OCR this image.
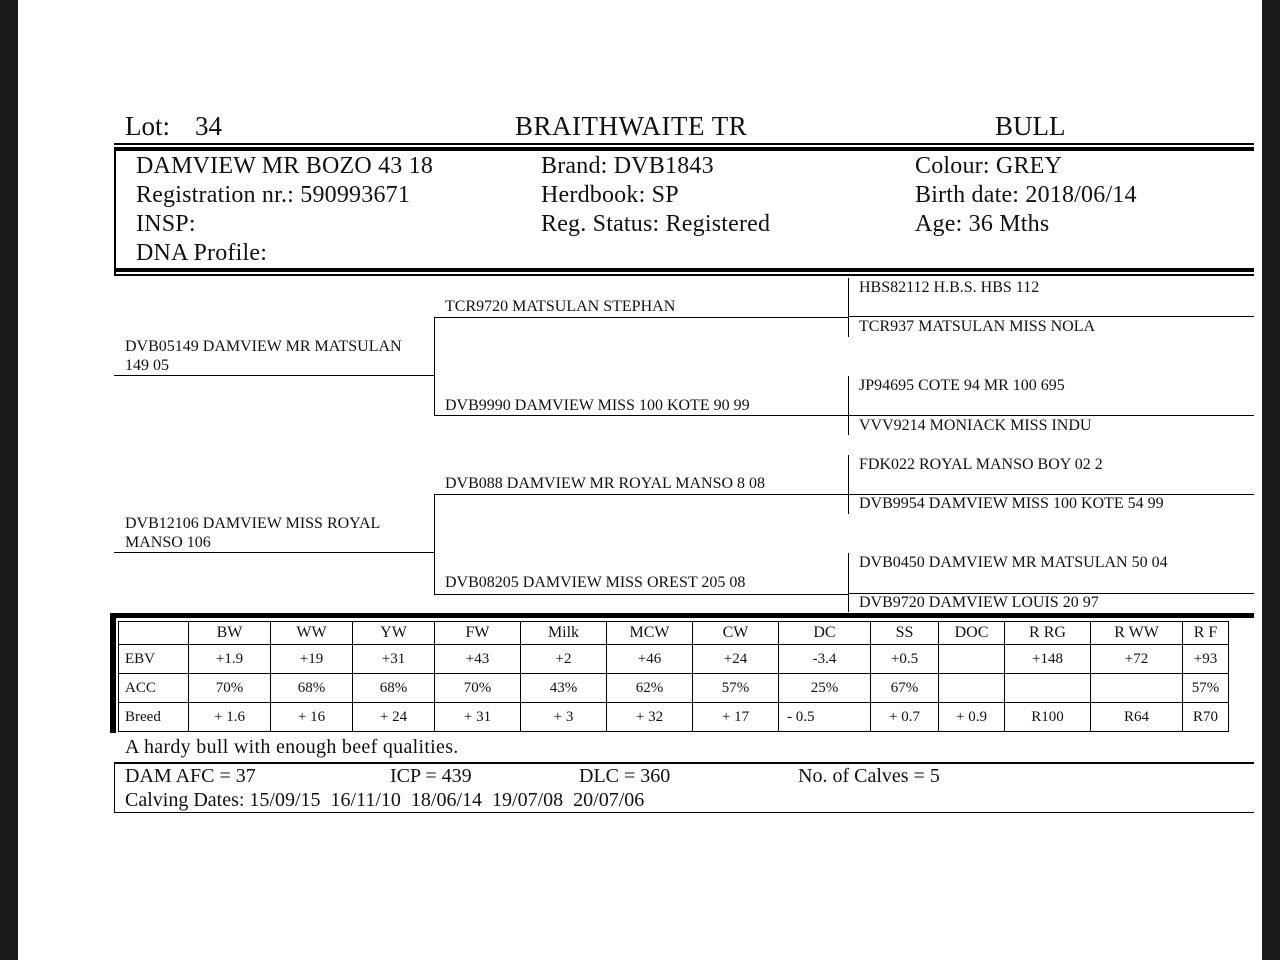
Lot: 34	BRAITHWAITE TR	BULL
DAMVIEW MR BOZO 43 18
Registration nr.: 590993671
INSP:
DNA Profile:
Brand: DVB1843
Herdbook: SP
Reg. Status: Registered
Colour: GREY
Birth date: 2018/06/14
Age: 36 Mths
DVB05149 DAMVIEW MR MATSULAN 149 05
DVB12106 DAMVIEW MISS ROYAL MANSO 106
TCR9720 MATSULAN STEPHAN
DVB9990 DAMVIEW MISS 100 KOTE 90 99
DVB088 DAMVIEW MR ROYAL MANSO 8 08
DVB08205 DAMVIEW MISS OREST 205 08
HBS82112 H.B.S. HBS 112
TCR937 MATSULAN MISS NOLA
JP94695 COTE 94 MR 100 695
VVV9214 MONIACK MISS INDU
FDK022 ROYAL MANSO BOY 02 2
DVB9954 DAMVIEW MISS 100 KOTE 54 99
DVB0450 DAMVIEW MR MATSULAN 50 04
DVB9720 DAMVIEW LOUIS 20 97
	BW	WW	YW	FW	Milk	MCW	CW	DC	SS	DOC	R RG	R WW	R F
EBV	+1.9	+19	+31	+43	+2	+46	+24	-3.4	+0.5		+148	+72	+93
ACC	70%	68%	68%	70%	43%	62%	57%	25%	67%				57%
Breed	+ 1.6	+ 16	+ 24	+ 31	+ 3	+ 32	+ 17	- 0.5	+ 0.7	+ 0.9	R100	R64	R70
A hardy bull with enough beef qualities.
DAM AFC = 37	ICP = 439	DLC = 360	No. of Calves = 5
Calving Dates: 15/09/15  16/11/10  18/06/14  19/07/08  20/07/06
